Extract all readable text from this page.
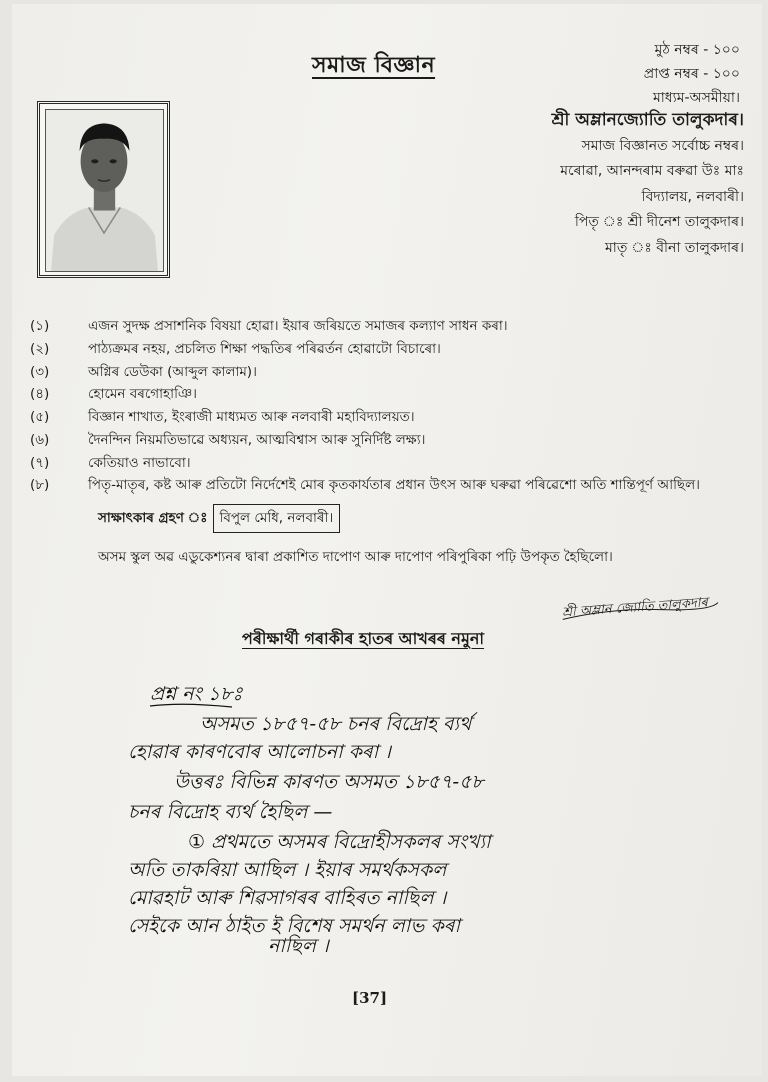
সমাজ বিজ্ঞান
মুঠ নম্বৰ - ১০০
প্ৰাপ্ত নম্বৰ - ১০০
মাধ্যম-অসমীয়া।
শ্ৰী অম্লানজ্যোতি তালুকদাৰ।
সমাজ বিজ্ঞানত সৰ্বোচ্চ নম্বৰ।
মৰোৱা, আনন্দৰাম বৰুৱা উঃ মাঃ
বিদ্যালয়, নলবাৰী।
পিতৃ ঃ শ্ৰী দীনেশ তালুকদাৰ।
মাতৃ ঃ বীনা তালুকদাৰ।
(১)	এজন সুদক্ষ প্ৰসাশনিক বিষয়া হোৱা। ইয়াৰ জৰিয়তে সমাজৰ কল্যাণ সাধন কৰা।
(২)	পাঠ্যক্ৰমৰ নহয়, প্ৰচলিত শিক্ষা পদ্ধতিৰ পৰিৱৰ্তন হোৱাটো বিচাৰো।
(৩)	অগ্নিৰ ডেউকা (আব্দুল কালাম)।
(৪)	হোমেন বৰগোহাঞি।
(৫)	বিজ্ঞান শাখাত, ইংৰাজী মাধ্যমত আৰু নলবাৰী মহাবিদ্যালয়ত।
(৬)	দৈনন্দিন নিয়মতিভাৱে অধ্যয়ন, আত্মবিশ্বাস আৰু সুনিৰ্দিষ্ট লক্ষ্য।
(৭)	কেতিয়াও নাভাবো।
(৮)	পিতৃ-মাতৃৰ, কষ্ট আৰু প্ৰতিটো নিৰ্দেশেই মোৰ কৃতকাৰ্যতাৰ প্ৰধান উৎস আৰু ঘৰুৱা পৰিৱেশো অতি শান্তিপূৰ্ণ আছিল।
সাক্ষাৎকাৰ গ্ৰহণ ঃ বিপুল মেধি, নলবাৰী।
অসম স্কুল অৱ এডুকেশ্যনৰ দ্বাৰা প্ৰকাশিত দাপোণ আৰু দাপোণ পৰিপুৰিকা পঢ়ি উপকৃত হৈছিলো।
শ্ৰী অম্লান জ্যোতি তালুকদাৰ
পৰীক্ষাৰ্থী গৰাকীৰ হাতৰ আখৰৰ নমুনা
প্ৰশ্ন নং ১৮ঃ
অসমত ১৮৫৭-৫৮ চনৰ বিদ্ৰোহ ব্যৰ্থ
হোৱাৰ কাৰণবোৰ আলোচনা কৰা ।
উত্তৰঃ বিভিন্ন কাৰণত অসমত ১৮৫৭-৫৮
চনৰ বিদ্ৰোহ ব্যৰ্থ হৈছিল —
① প্ৰথমতে অসমৰ বিদ্ৰোহীসকলৰ সংখ্যা
অতি তাকৰিয়া আছিল । ইয়াৰ সমৰ্থকসকল
মোৱহাট আৰু শিৱসাগৰৰ বাহিৰত নাছিল ।
সেইকে আন ঠাইত ই বিশেষ সমৰ্থন লাভ কৰা
নাছিল ।
[37]
